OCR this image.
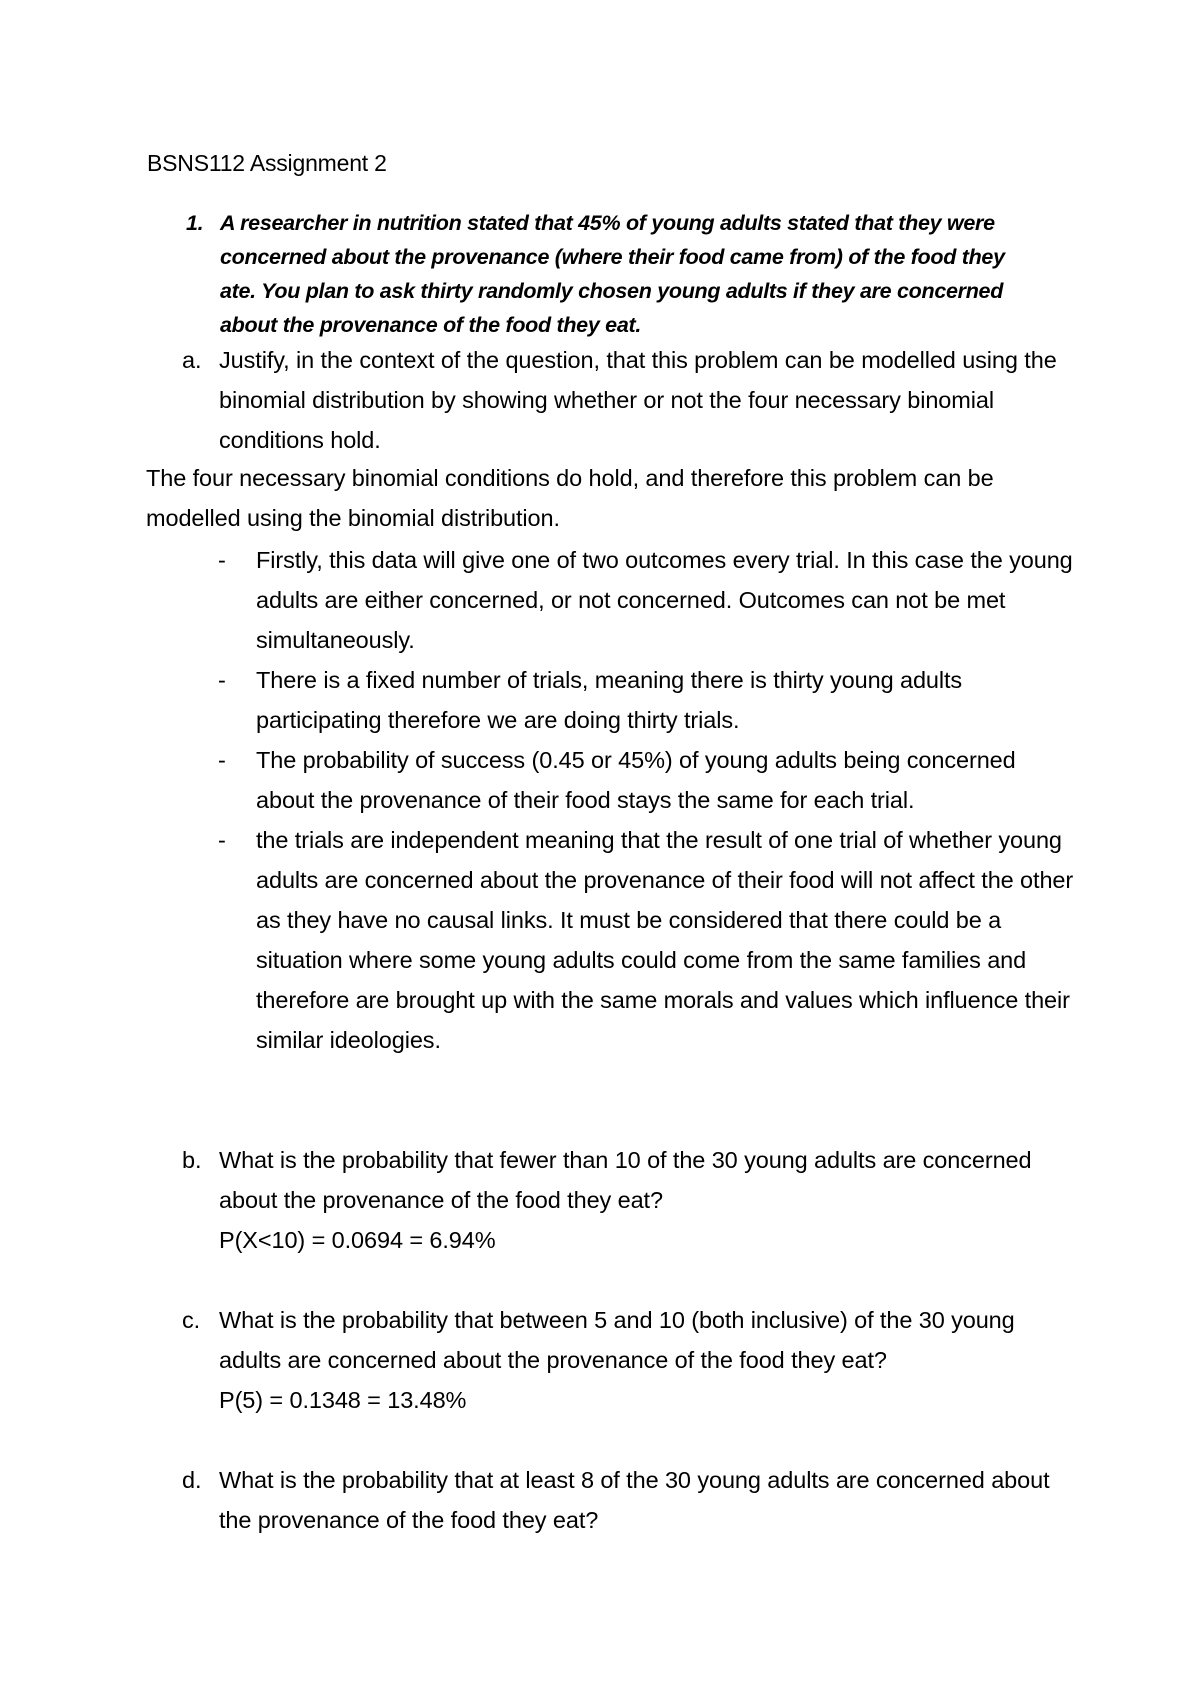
BSNS112 Assignment 2
1. A researcher in nutrition stated that 45% of young adults stated that they were concerned about the provenance (where their food came from) of the food they ate. You plan to ask thirty randomly chosen young adults if they are concerned about the provenance of the food they eat.
a. Justify, in the context of the question, that this problem can be modelled using the binomial distribution by showing whether or not the four necessary binomial conditions hold.
The four necessary binomial conditions do hold, and therefore this problem can be modelled using the binomial distribution.
- Firstly, this data will give one of two outcomes every trial. In this case the young adults are either concerned, or not concerned. Outcomes can not be met simultaneously.
- There is a fixed number of trials, meaning there is thirty young adults participating therefore we are doing thirty trials.
- The probability of success (0.45 or 45%) of young adults being concerned about the provenance of their food stays the same for each trial.
- the trials are independent meaning that the result of one trial of whether young adults are concerned about the provenance of their food will not affect the other as they have no causal links. It must be considered that there could be a situation where some young adults could come from the same families and therefore are brought up with the same morals and values which influence their similar ideologies.
b. What is the probability that fewer than 10 of the 30 young adults are concerned about the provenance of the food they eat?
P(X<10) = 0.0694 = 6.94%
c. What is the probability that between 5 and 10 (both inclusive) of the 30 young adults are concerned about the provenance of the food they eat?
P(5) = 0.1348 = 13.48%
d. What is the probability that at least 8 of the 30 young adults are concerned about the provenance of the food they eat?
